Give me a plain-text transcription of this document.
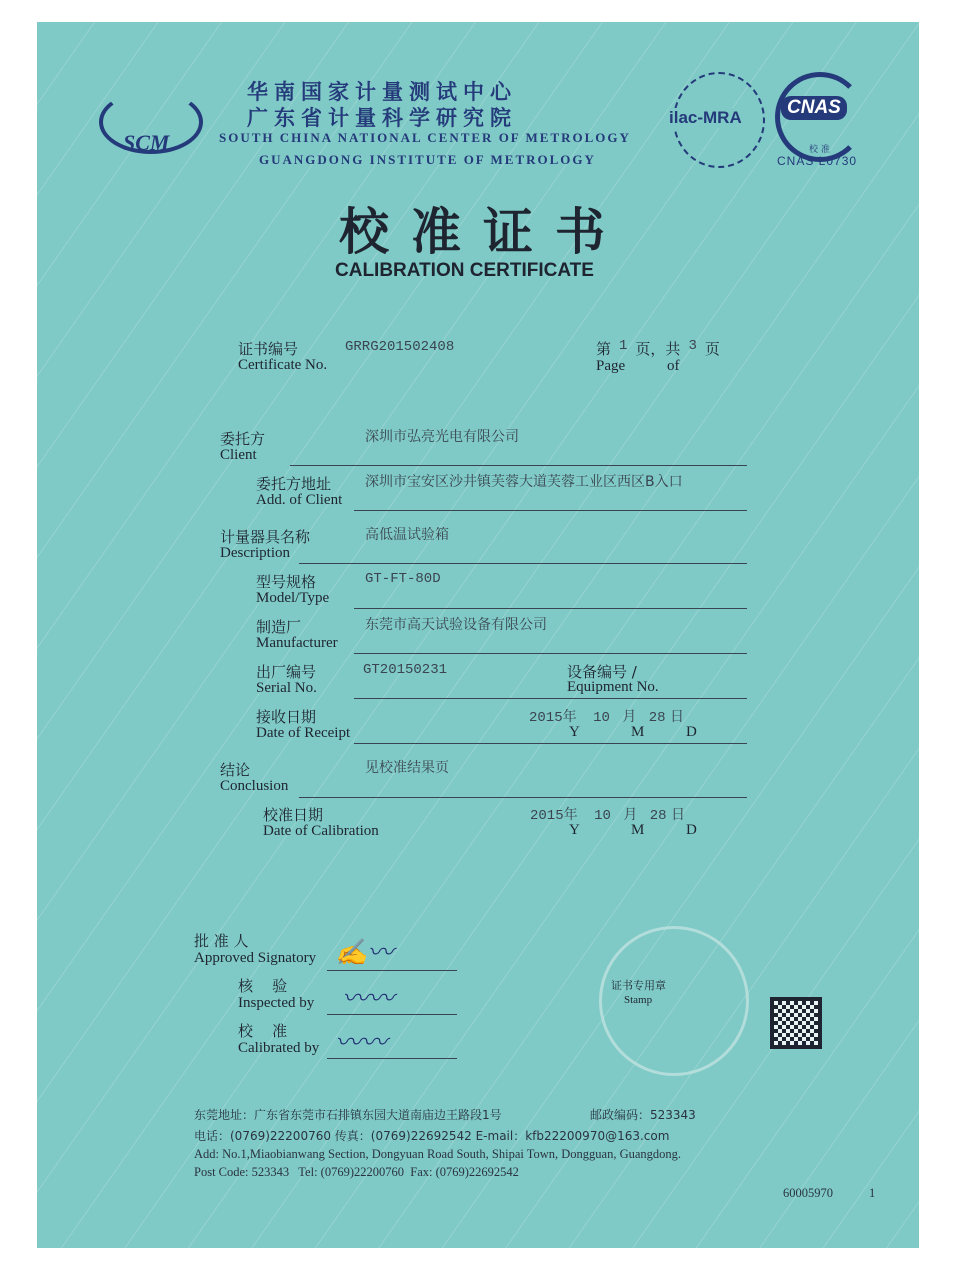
SCM
华南国家计量测试中心
广东省计量科学研究院
SOUTH CHINA NATIONAL CENTER OF METROLOGY
GUANGDONG INSTITUTE OF METROLOGY
ilac-MRA	CNAS
校 准
CNAS L0730
校准证书
CALIBRATION CERTIFICATE
证书编号
Certificate No.
GRRG201502408	第 1 页，共 3 页
Page	of
委托方
Client
深圳市弘亮光电有限公司
委托方地址
Add. of Client
深圳市宝安区沙井镇芙蓉大道芙蓉工业区西区B入口
计量器具名称
Description
高低温试验箱
型号规格
Model/Type
GT-FT-80D
制造厂
Manufacturer
东莞市高天试验设备有限公司
出厂编号
Serial No.
GT20150231	设备编号 /
Equipment No.
接收日期
Date of Receipt
2015年 10 月 28 日
Y	M	D
结论
Conclusion
见校准结果页
校准日期
Date of Calibration
2015年 10 月 28 日
Y	M	D
批 准 人
Approved Signatory ✍〰
核    验
Inspected by 〰〰
校    准
Calibrated by 〰〰
证书专用章
Stamp
东莞地址：广东省东莞市石排镇东园大道南庙边王路段1号	邮政编码：523343
电话：(0769)22200760 传真：(0769)22692542 E-mail：kfb22200970@163.com
Add: No.1,Miaobianwang Section, Dongyuan Road South, Shipai Town, Dongguan, Guangdong.
Post Code: 523343   Tel: (0769)22200760  Fax: (0769)22692542
60005970	1
